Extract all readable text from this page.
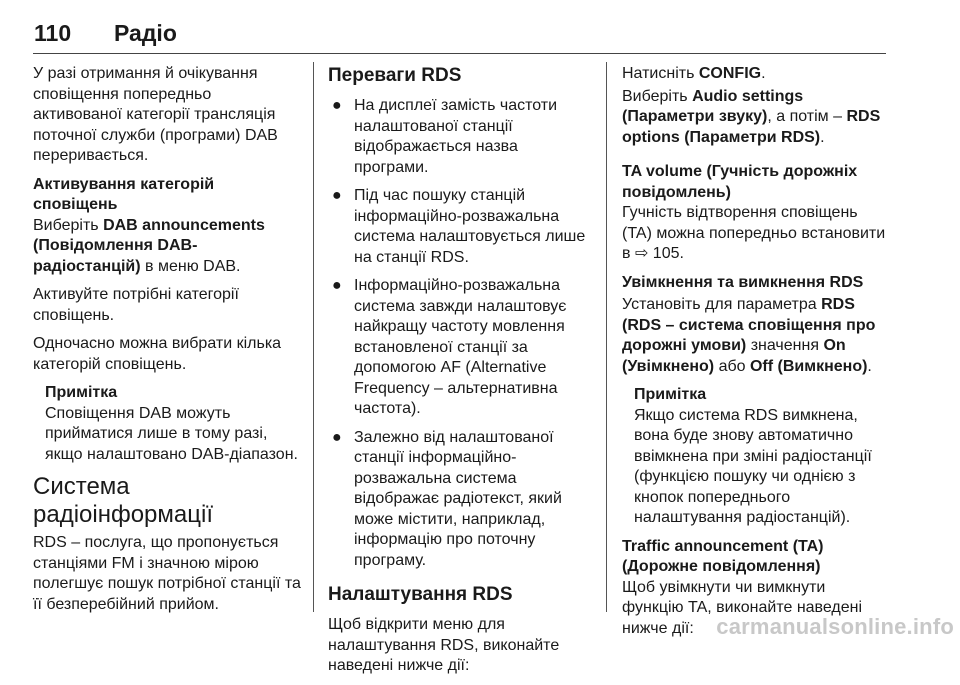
110 Радіо

У разі отримання й очікування сповіщення попередньо активованої категорії трансляція поточної служби (програми) DAB переривається.

Активування категорій сповіщень

Виберіть DAB announcements (Повідомлення DAB-радіостанцій) в меню DAB.

Активуйте потрібні категорії сповіщень.

Одночасно можна вибрати кілька категорій сповіщень.

Примітка
Сповіщення DAB можуть прийматися лише в тому разі, якщо налаштовано DAB-діапазон.
Система радіоінформації

RDS – послуга, що пропонується станціями FM і значною мірою полегшує пошук потрібної станції та її безперебійний прийом.

Переваги RDS
● На дисплеї замість частоти налаштованої станції відображається назва програми.
● Під час пошуку станцій інформаційно-розважальна система налаштовується лише на станції RDS.
● Інформаційно-розважальна система завжди налаштовує найкращу частоту мовлення встановленої станції за допомогою AF (Alternative Frequency – альтернативна частота).
● Залежно від налаштованої станції інформаційно-розважальна система відображає радіотекст, який може містити, наприклад, інформацію про поточну програму.
Налаштування RDS

Щоб відкрити меню для налаштування RDS, виконайте наведені нижче дії:

Натисніть CONFIG.

Виберіть Audio settings (Параметри звуку), а потім – RDS options (Параметри RDS).

TA volume (Гучність дорожніх повідомлень)

Гучність відтворення сповіщень (TA) можна попередньо встановити в ⇨ 105.

Увімкнення та вимкнення RDS

Установіть для параметра RDS (RDS – система сповіщення про дорожні умови) значення On (Увімкнено) або Off (Вимкнено).

Примітка
Якщо система RDS вимкнена, вона буде знову автоматично ввімкнена при зміні радіостанції (функцією пошуку чи однією з кнопок попереднього налаштування радіостанцій).

Traffic announcement (TA) (Дорожне повідомлення)

Щоб увімкнути чи вимкнути функцію TA, виконайте наведені нижче дії:	carmanualsonline.info
